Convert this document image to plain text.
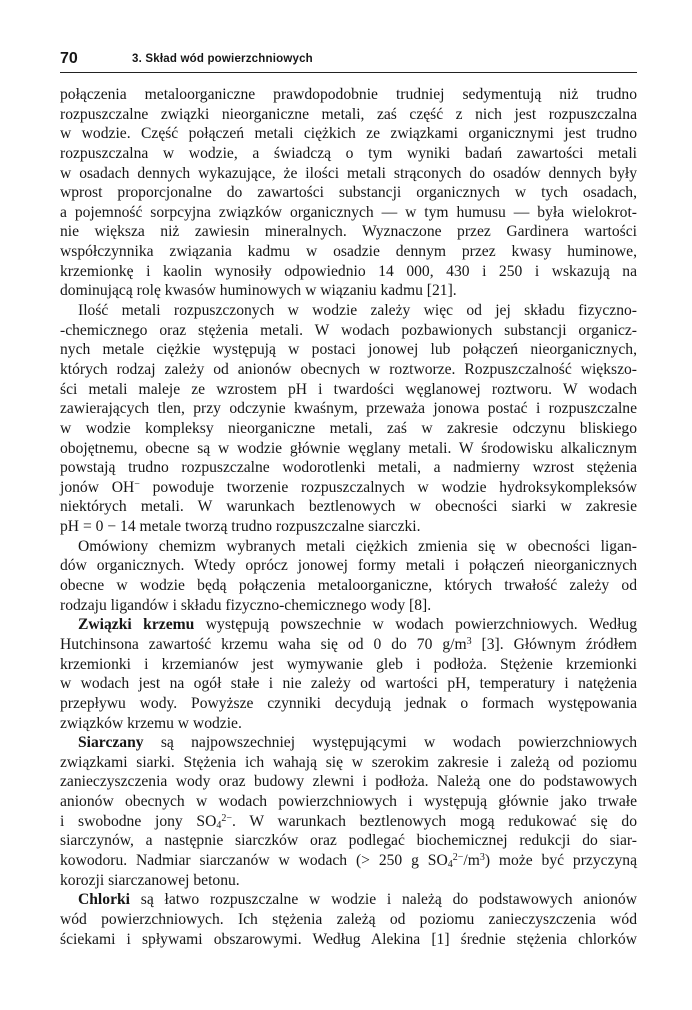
70	3. Skład wód powierzchniowych
połączenia metaloorganiczne prawdopodobnie trudniej sedymentują niż trudno
rozpuszczalne związki nieorganiczne metali, zaś część z nich jest rozpuszczalna
w wodzie. Część połączeń metali ciężkich ze związkami organicznymi jest trudno
rozpuszczalna w wodzie, a świadczą o tym wyniki badań zawartości metali
w osadach dennych wykazujące, że ilości metali strąconych do osadów dennych były
wprost proporcjonalne do zawartości substancji organicznych w tych osadach,
a pojemność sorpcyjna związków organicznych — w tym humusu — była wielokrot-
nie większa niż zawiesin mineralnych. Wyznaczone przez Gardinera wartości
współczynnika związania kadmu w osadzie dennym przez kwasy huminowe,
krzemionkę i kaolin wynosiły odpowiednio 14 000, 430 i 250 i wskazują na
dominującą rolę kwasów huminowych w wiązaniu kadmu [21].
Ilość metali rozpuszczonych w wodzie zależy więc od jej składu fizyczno-
-chemicznego oraz stężenia metali. W wodach pozbawionych substancji organicz-
nych metale ciężkie występują w postaci jonowej lub połączeń nieorganicznych,
których rodzaj zależy od anionów obecnych w roztworze. Rozpuszczalność większo-
ści metali maleje ze wzrostem pH i twardości węglanowej roztworu. W wodach
zawierających tlen, przy odczynie kwaśnym, przeważa jonowa postać i rozpuszczalne
w wodzie kompleksy nieorganiczne metali, zaś w zakresie odczynu bliskiego
obojętnemu, obecne są w wodzie głównie węglany metali. W środowisku alkalicznym
powstają trudno rozpuszczalne wodorotlenki metali, a nadmierny wzrost stężenia
jonów OH− powoduje tworzenie rozpuszczalnych w wodzie hydroksykompleksów
niektórych metali. W warunkach beztlenowych w obecności siarki w zakresie
pH = 0 − 14 metale tworzą trudno rozpuszczalne siarczki.
Omówiony chemizm wybranych metali ciężkich zmienia się w obecności ligan-
dów organicznych. Wtedy oprócz jonowej formy metali i połączeń nieorganicznych
obecne w wodzie będą połączenia metaloorganiczne, których trwałość zależy od
rodzaju ligandów i składu fizyczno-chemicznego wody [8].
Związki krzemu występują powszechnie w wodach powierzchniowych. Według
Hutchinsona zawartość krzemu waha się od 0 do 70 $g/m^3$ [3]. Głównym źródłem
krzemionki i krzemianów jest wymywanie gleb i podłoża. Stężenie krzemionki
w wodach jest na ogół stałe i nie zależy od wartości pH, temperatury i natężenia
przepływu wody. Powyższe czynniki decydują jednak o formach występowania
związków krzemu w wodzie.
Siarczany są najpowszechniej występującymi w wodach powierzchniowych
związkami siarki. Stężenia ich wahają się w szerokim zakresie i zależą od poziomu
zanieczyszczenia wody oraz budowy zlewni i podłoża. Należą one do podstawowych
anionów obecnych w wodach powierzchniowych i występują głównie jako trwałe
i swobodne jony $SO4^{2-}$. W warunkach beztlenowych mogą redukować się do
siarczynów, a następnie siarczków oraz podlegać biochemicznej redukcji do siar-
kowodoru. Nadmiar siarczanów w wodach (> 250 g $SO4^{2-}/m^3$) może być przyczyną
korozji siarczanowej betonu.
Chlorki są łatwo rozpuszczalne w wodzie i należą do podstawowych anionów
wód powierzchniowych. Ich stężenia zależą od poziomu zanieczyszczenia wód
ściekami i spływami obszarowymi. Według Alekina [1] średnie stężenia chlorków
